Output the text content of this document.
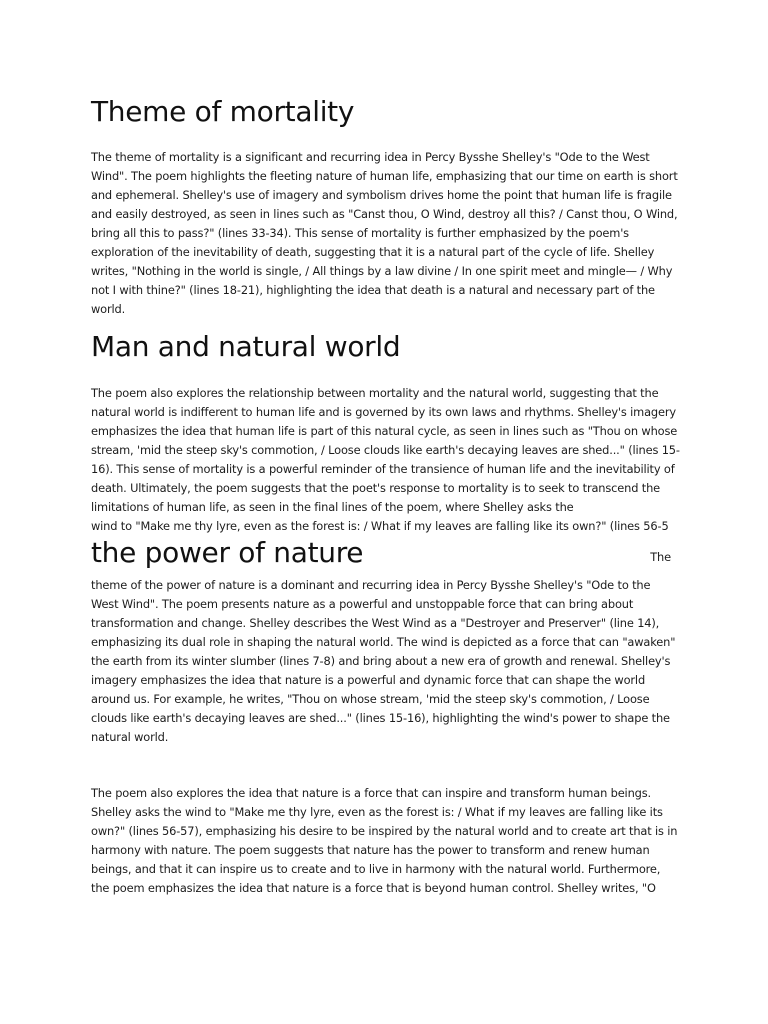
Theme of mortality

The theme of mortality is a significant and recurring idea in Percy Bysshe Shelley's "Ode to the West Wind". The poem highlights the fleeting nature of human life, emphasizing that our time on earth is short and ephemeral. Shelley's use of imagery and symbolism drives home the point that human life is fragile and easily destroyed, as seen in lines such as "Canst thou, O Wind, destroy all this? / Canst thou, O Wind, bring all this to pass?" (lines 33-34). This sense of mortality is further emphasized by the poem's exploration of the inevitability of death, suggesting that it is a natural part of the cycle of life. Shelley writes, "Nothing in the world is single, / All things by a law divine / In one spirit meet and mingle— / Why not I with thine?" (lines 18-21), highlighting the idea that death is a natural and necessary part of the world.

Man and natural world

The poem also explores the relationship between mortality and the natural world, suggesting that the natural world is indifferent to human life and is governed by its own laws and rhythms. Shelley's imagery emphasizes the idea that human life is part of this natural cycle, as seen in lines such as "Thou on whose stream, 'mid the steep sky's commotion, / Loose clouds like earth's decaying leaves are shed..." (lines 15-16). This sense of mortality is a powerful reminder of the transience of human life and the inevitability of death. Ultimately, the poem suggests that the poet's response to mortality is to seek to transcend the limitations of human life, as seen in the final lines of the poem, where Shelley asks the

wind to "Make me thy lyre, even as the forest is: / What if my leaves are falling like its own?" (lines 56-5

the power of nature	The

theme of the power of nature is a dominant and recurring idea in Percy Bysshe Shelley's "Ode to the West Wind". The poem presents nature as a powerful and unstoppable force that can bring about transformation and change. Shelley describes the West Wind as a "Destroyer and Preserver" (line 14), emphasizing its dual role in shaping the natural world. The wind is depicted as a force that can "awaken" the earth from its winter slumber (lines 7-8) and bring about a new era of growth and renewal. Shelley's imagery emphasizes the idea that nature is a powerful and dynamic force that can shape the world around us. For example, he writes, "Thou on whose stream, 'mid the steep sky's commotion, / Loose clouds like earth's decaying leaves are shed..." (lines 15-16), highlighting the wind's power to shape the natural world.

The poem also explores the idea that nature is a force that can inspire and transform human beings. Shelley asks the wind to "Make me thy lyre, even as the forest is: / What if my leaves are falling like its own?" (lines 56-57), emphasizing his desire to be inspired by the natural world and to create art that is in harmony with nature. The poem suggests that nature has the power to transform and renew human beings, and that it can inspire us to create and to live in harmony with the natural world. Furthermore, the poem emphasizes the idea that nature is a force that is beyond human control. Shelley writes, "O
